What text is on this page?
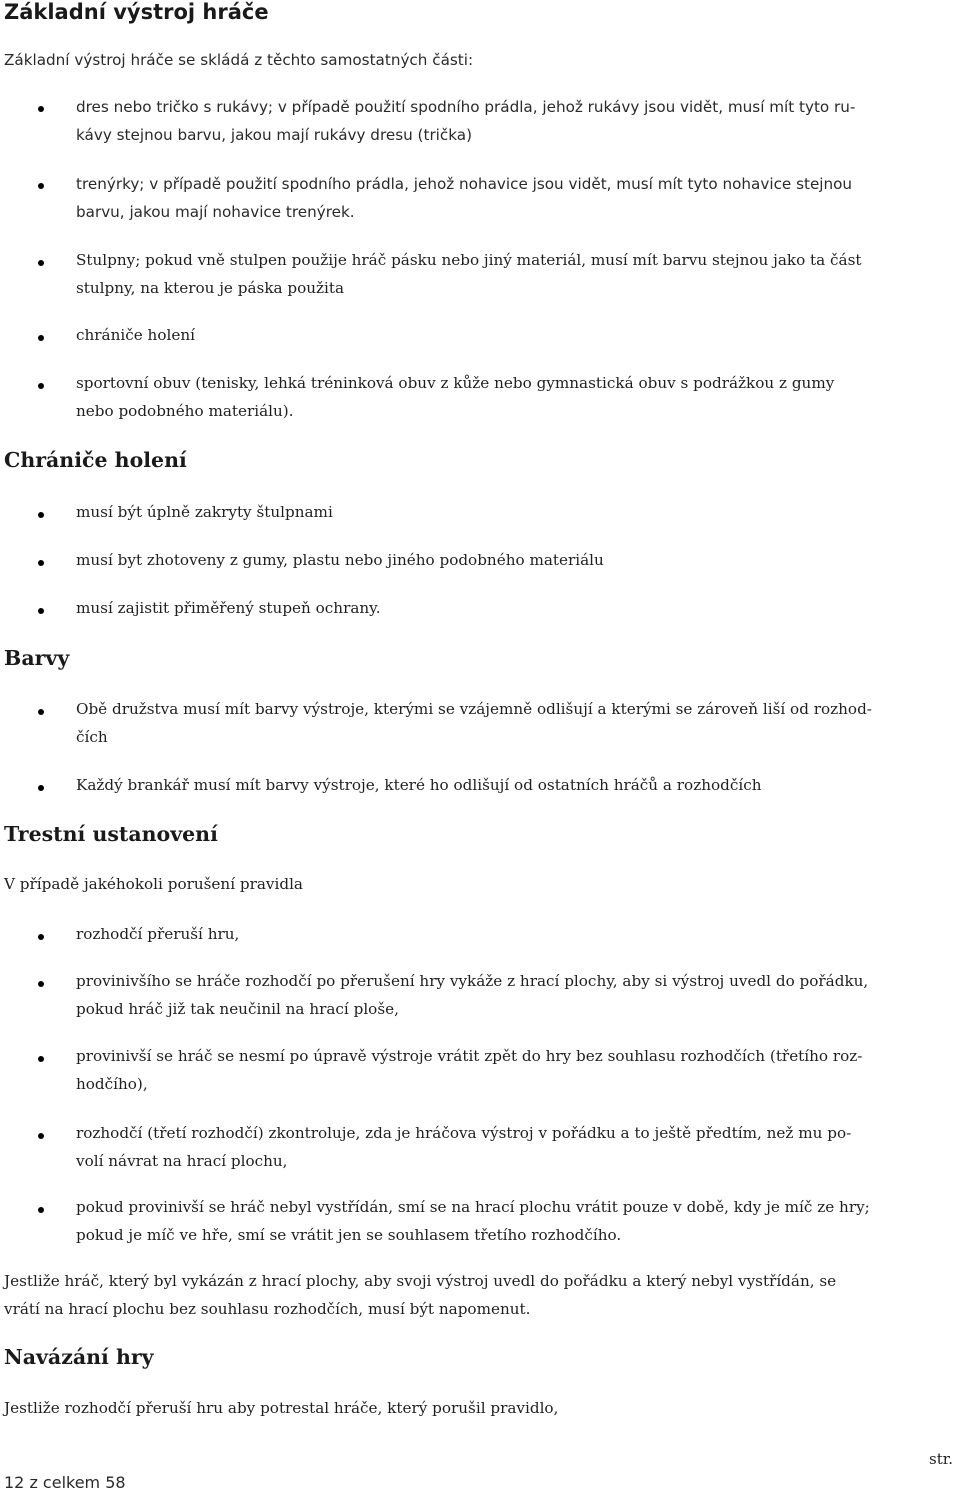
Základní výstroj hráče
Základní výstroj hráče se skládá z těchto samostatných části:
dres nebo tričko s rukávy; v případě použití spodního prádla, jehož rukávy jsou vidět, musí mít tyto ru-
kávy stejnou barvu, jakou mají rukávy dresu (trička)
trenýrky; v případě použití spodního prádla, jehož nohavice jsou vidět, musí mít tyto nohavice stejnou
barvu, jakou mají nohavice trenýrek.
Stulpny; pokud vně stulpen použije hráč pásku nebo jiný materiál, musí mít barvu stejnou jako ta část
stulpny, na kterou je páska použita
chrániče holení
sportovní obuv (tenisky, lehká tréninková obuv z kůže nebo gymnastická obuv s podrážkou z gumy
nebo podobného materiálu).
Chrániče holení
musí být úplně zakryty štulpnami
musí byt zhotoveny z gumy, plastu nebo jiného podobného materiálu
musí zajistit přiměřený stupeň ochrany.
Barvy
Obě družstva musí mít barvy výstroje, kterými se vzájemně odlišují a kterými se zároveň liší od rozhod-
čích
Každý brankář musí mít barvy výstroje, které ho odlišují od ostatních hráčů a rozhodčích
Trestní ustanovení
V případě jakéhokoli porušení pravidla
rozhodčí přeruší hru,
provinivšího se hráče rozhodčí po přerušení hry vykáže z hrací plochy, aby si výstroj uvedl do pořádku,
pokud hráč již tak neučinil na hrací ploše,
provinivší se hráč se nesmí po úpravě výstroje vrátit zpět do hry bez souhlasu rozhodčích (třetího roz-
hodčího),
rozhodčí (třetí rozhodčí) zkontroluje, zda je hráčova výstroj v pořádku a to ještě předtím, než mu po-
volí návrat na hrací plochu,
pokud provinivší se hráč nebyl vystřídán, smí se na hrací plochu vrátit pouze v době, kdy je míč ze hry;
pokud je míč ve hře, smí se vrátit jen se souhlasem třetího rozhodčího.
Jestliže hráč, který byl vykázán z hrací plochy, aby svoji výstroj uvedl do pořádku a který nebyl vystřídán, se
vrátí na hrací plochu bez souhlasu rozhodčích, musí být napomenut.
Navázání hry
Jestliže rozhodčí přeruší hru aby potrestal hráče, který porušil pravidlo,
str.
12 z celkem 58
